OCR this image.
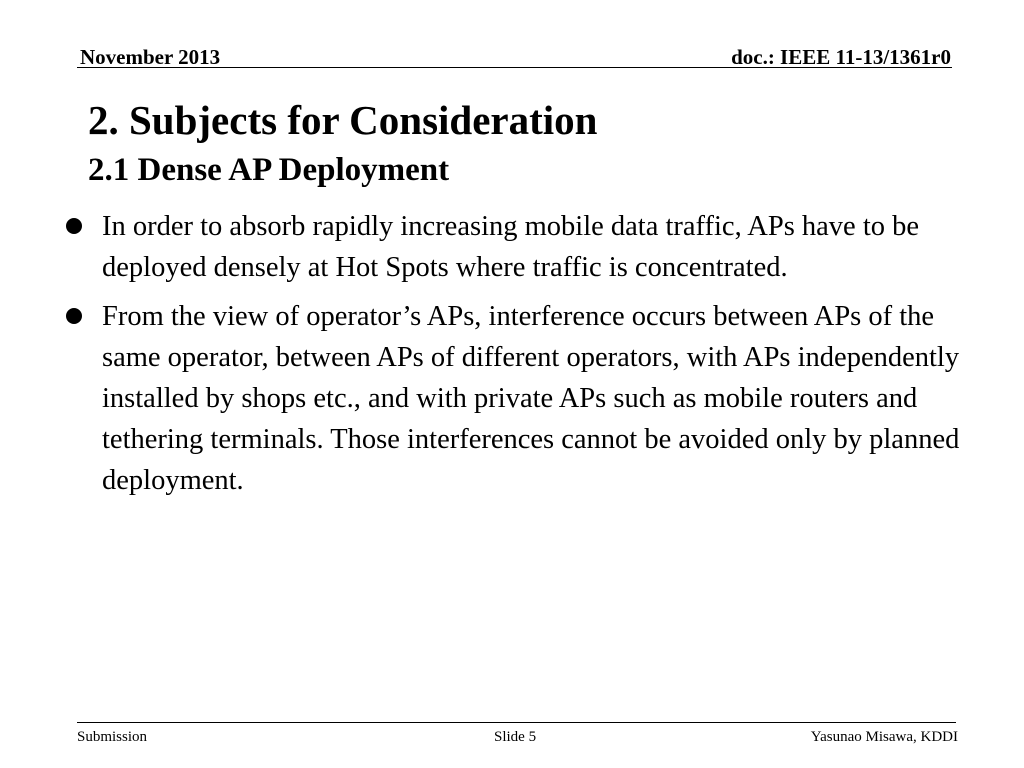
November 2013	doc.: IEEE 11-13/1361r0
2. Subjects for Consideration
2.1 Dense AP Deployment
In order to absorb rapidly increasing mobile data traffic, APs have to be deployed densely at Hot Spots where traffic is concentrated.
From the view of operator’s APs, interference occurs between APs of the same operator, between APs of different operators, with APs independently installed by shops etc., and with private APs such as mobile routers and tethering terminals. Those interferences cannot be avoided only by planned deployment.
Submission	Slide 5	Yasunao Misawa, KDDI
